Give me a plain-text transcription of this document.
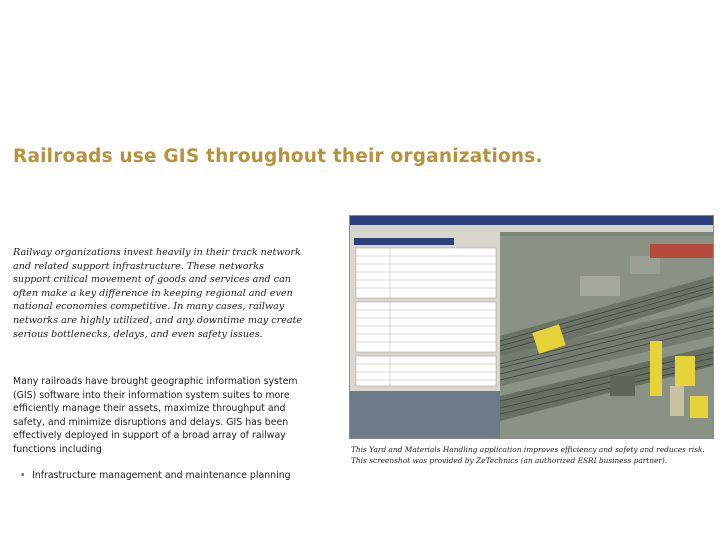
Railroads use GIS throughout their organizations.
Railway organizations invest heavily in their track network and related support infrastructure. These networks support critical movement of goods and services and can often make a key difference in keeping regional and even national economies competitive. In many cases, railway networks are highly utilized, and any downtime may create serious bottlenecks, delays, and even safety issues.
Many railroads have brought geographic information system (GIS) software into their information system suites to more efficiently manage their assets, maximize throughput and safety, and minimize disruptions and delays. GIS has been effectively deployed in support of a broad array of railway functions including
• Infrastructure management and maintenance planning
This Yard and Materials Handling application improves efficiency and safety and reduces risk. This screenshot was provided by ZeTechnics (an authorized ESRI business partner).
